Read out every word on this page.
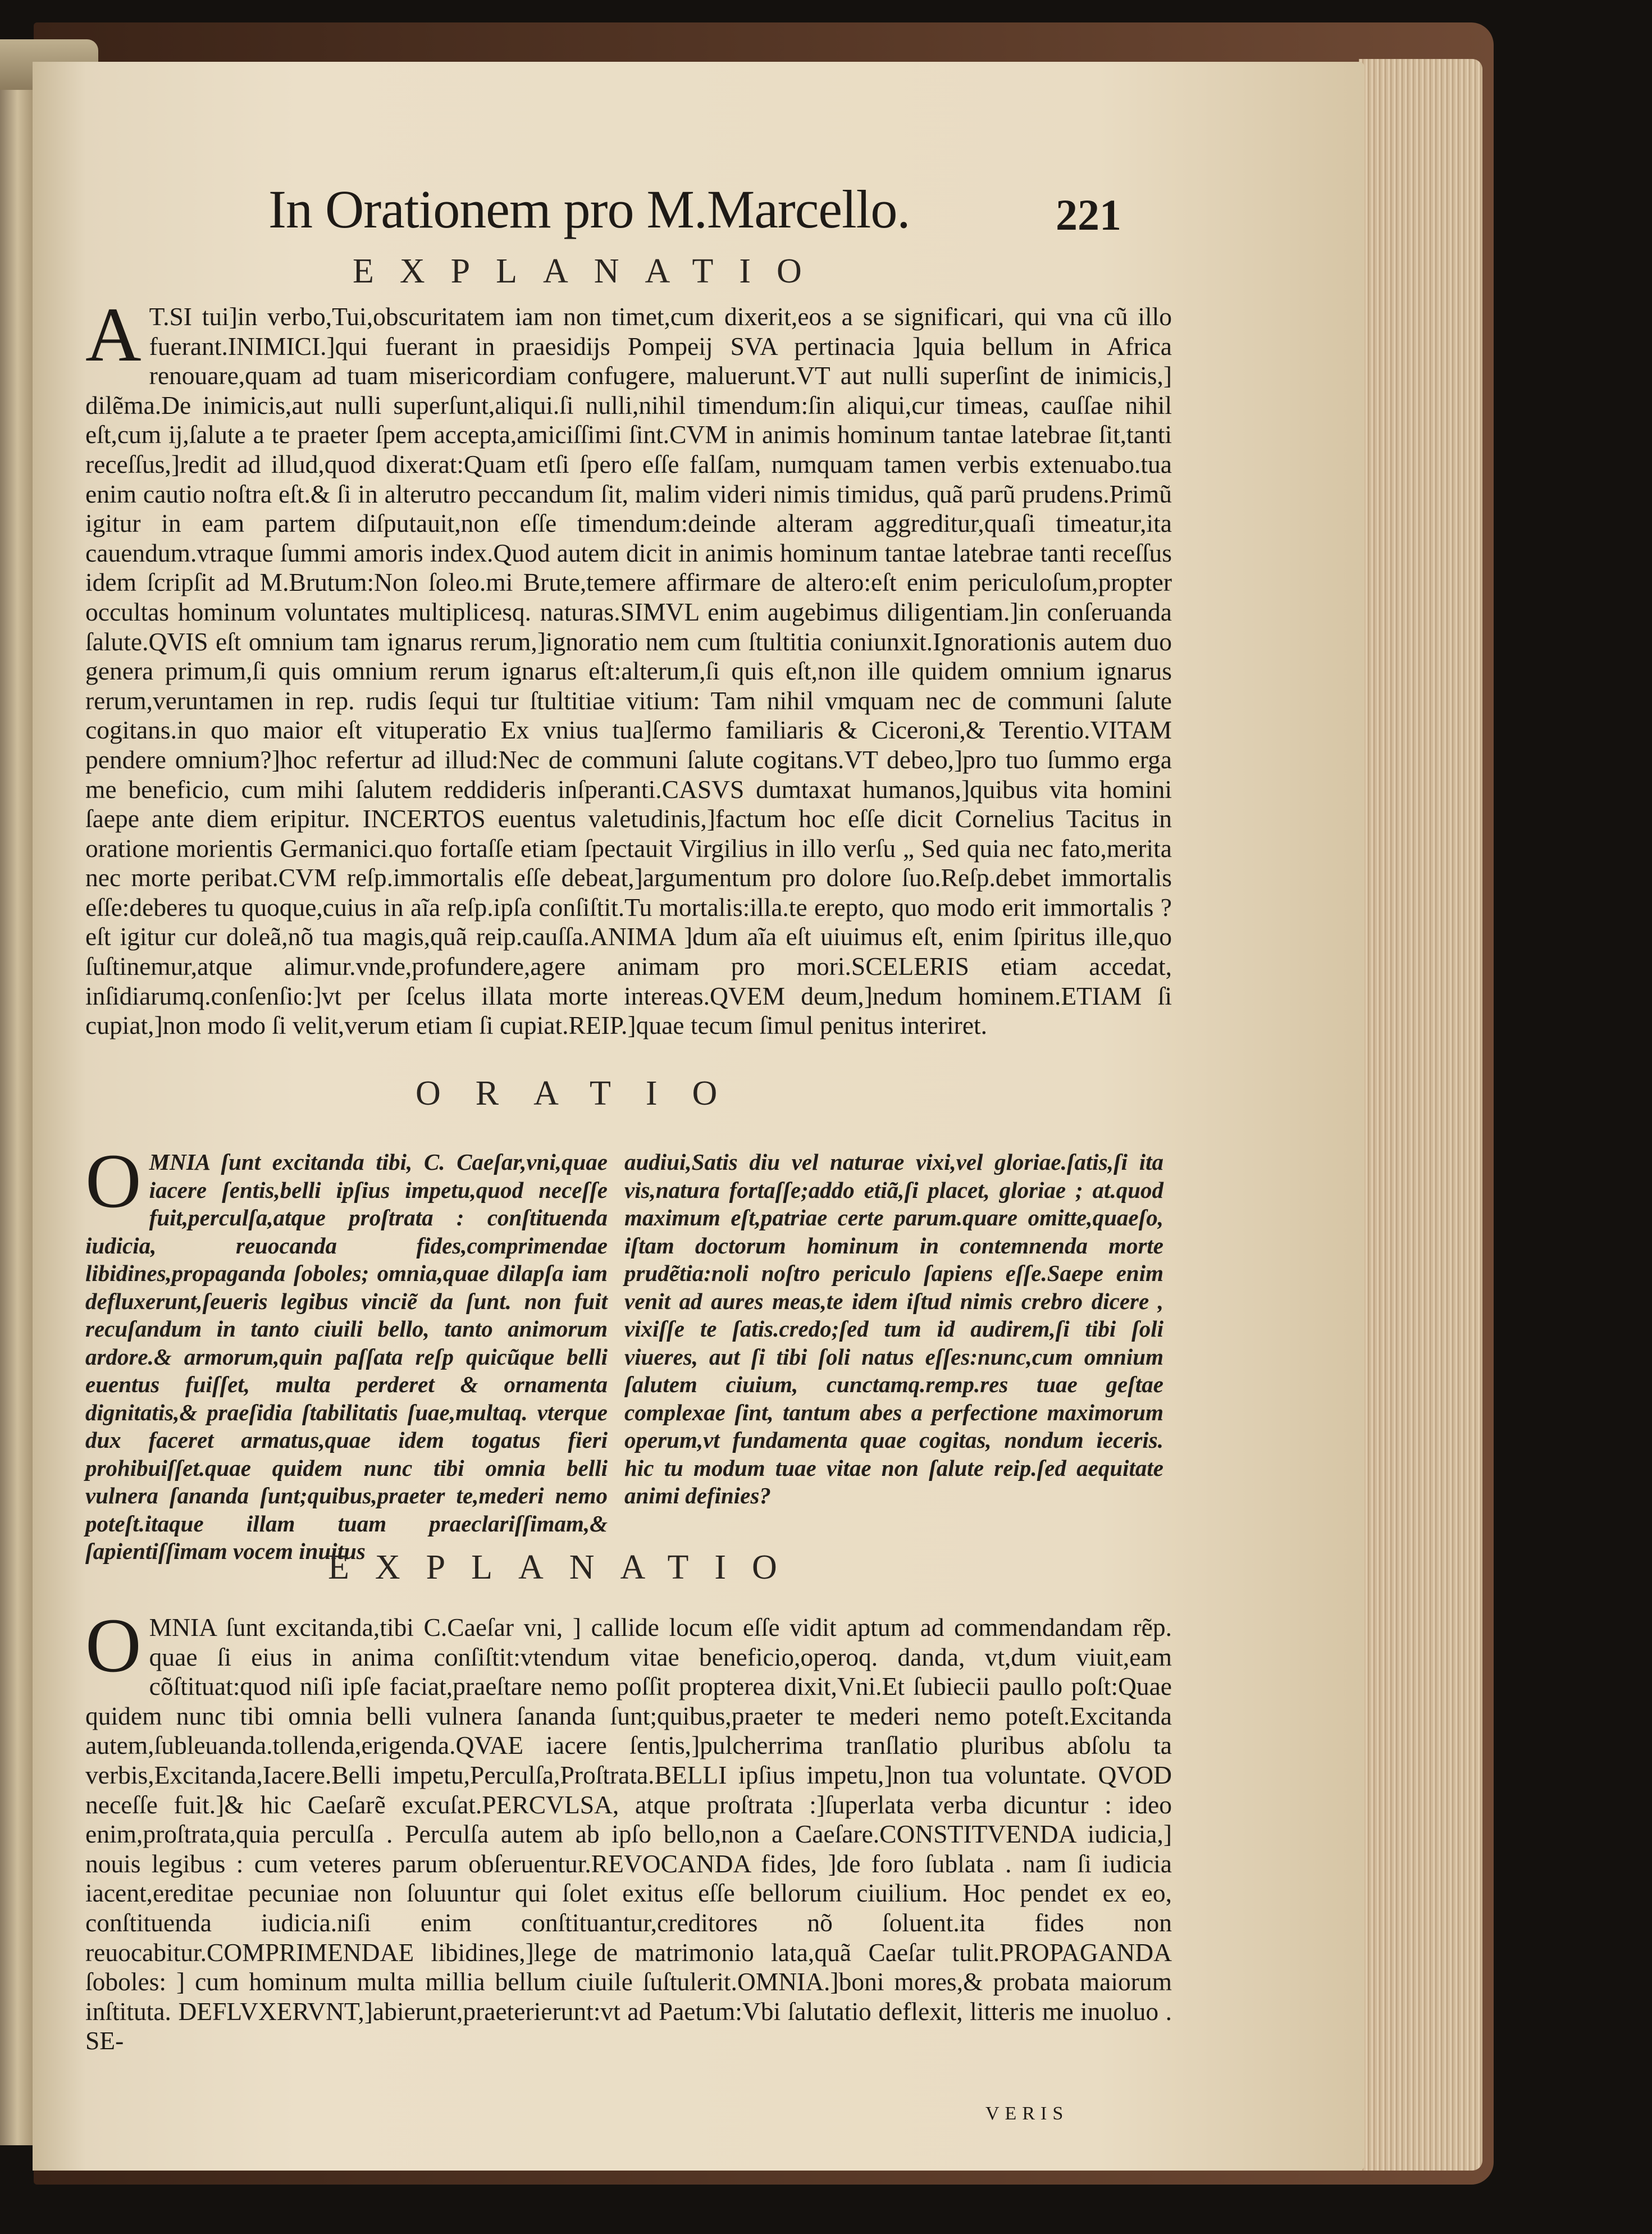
In Orationem pro M.Marcello.	221
EXPLANATIO
A T.SI tui]in verbo,Tui,obscuritatem iam non timet,cum dixerit,eos a se significari, qui vna cũ illo fuerant.INIMICI.]qui fuerant in praesidijs Pompeij SVA pertinacia ]quia bellum in Africa renouare,quam ad tuam misericordiam confugere, maluerunt.VT aut nulli superſint de inimicis,] dilẽma.De inimicis,aut nulli superſunt,aliqui.ſi nulli,nihil timendum:ſin aliqui,cur timeas, cauſſae nihil eſt,cum ij,ſalute a te praeter ſpem accepta,amiciſſimi ſint.CVM in animis hominum tantae latebrae ſit,tanti receſſus,]redit ad illud,quod dixerat:Quam etſi ſpero eſſe falſam, numquam tamen verbis extenuabo.tua enim cautio noſtra eſt.& ſi in alterutro peccandum ſit, malim videri nimis timidus, quã parũ prudens.Primũ igitur in eam partem diſputauit,non eſſe timendum:deinde alteram aggreditur,quaſi timeatur,ita cauendum.vtraque ſummi amoris index.Quod autem dicit in animis hominum tantae latebrae tanti receſſus idem ſcripſit ad M.Brutum:Non ſoleo.mi Brute,temere affirmare de altero:eſt enim periculoſum,propter occultas hominum voluntates multiplicesq. naturas.SIMVL enim augebimus diligentiam.]in conſeruanda ſalute.QVIS eſt omnium tam ignarus rerum,]ignoratio nem cum ſtultitia coniunxit.Ignorationis autem duo genera primum,ſi quis omnium rerum ignarus eſt:alterum,ſi quis eſt,non ille quidem omnium ignarus rerum,veruntamen in rep. rudis ſequi tur ſtultitiae vitium: Tam nihil vmquam nec de communi ſalute cogitans.in quo maior eſt vituperatio Ex vnius tua]ſermo familiaris & Ciceroni,& Terentio.VITAM pendere omnium?]hoc refertur ad illud:Nec de communi ſalute cogitans.VT debeo,]pro tuo ſummo erga me beneficio, cum mihi ſalutem reddideris inſperanti.CASVS dumtaxat humanos,]quibus vita homini ſaepe ante diem eripitur. INCERTOS euentus valetudinis,]factum hoc eſſe dicit Cornelius Tacitus in oratione morientis Germanici.quo fortaſſe etiam ſpectauit Virgilius in illo verſu „ Sed quia nec fato,merita nec morte peribat.CVM reſp.immortalis eſſe debeat,]argumentum pro dolore ſuo.Reſp.debet immortalis eſſe:deberes tu quoque,cuius in aĩa reſp.ipſa conſiſtit.Tu mortalis:illa.te erepto, quo modo erit immortalis ? eſt igitur cur doleã,nõ tua magis,quã reip.cauſſa.ANIMA ]dum aĩa eſt uiuimus eſt, enim ſpiritus ille,quo ſuſtinemur,atque alimur.vnde,profundere,agere animam pro mori.SCELERIS etiam accedat, inſidiarumq.conſenſio:]vt per ſcelus illata morte intereas.QVEM deum,]nedum hominem.ETIAM ſi cupiat,]non modo ſi velit,verum etiam ſi cupiat.REIP.]quae tecum ſimul penitus interiret.
ORATIO
O MNIA ſunt excitanda tibi, C. Caeſar,vni,quae iacere ſentis,belli ipſius impetu,quod neceſſe fuit,perculſa,atque proſtrata : conſtituenda iudicia, reuocanda fides,comprimendae libidines,propaganda ſoboles; omnia,quae dilapſa iam defluxerunt,ſeueris legibus vinciẽ da ſunt. non fuit recuſandum in tanto ciuili bello, tanto animorum ardore.& armorum,quin paſſata reſp quicũque belli euentus fuiſſet, multa perderet & ornamenta dignitatis,& praeſidia ſtabilitatis ſuae,multaq. vterque dux faceret armatus,quae idem togatus fieri prohibuiſſet.quae quidem nunc tibi omnia belli vulnera ſananda ſunt;quibus,praeter te,mederi nemo poteſt.itaque illam tuam praeclariſſimam,& ſapientiſſimam vocem inuitus
audiui,Satis diu vel naturae vixi,vel gloriae.ſatis,ſi ita vis,natura fortaſſe;addo etiã,ſi placet, gloriae ; at.quod maximum eſt,patriae certe parum.quare omitte,quaeſo, iſtam doctorum hominum in contemnenda morte prudẽtia:noli noſtro periculo ſapiens eſſe.Saepe enim venit ad aures meas,te idem iſtud nimis crebro dicere , vixiſſe te ſatis.credo;ſed tum id audirem,ſi tibi ſoli viueres, aut ſi tibi ſoli natus eſſes:nunc,cum omnium ſalutem ciuium, cunctamq.remp.res tuae geſtae complexae ſint, tantum abes a perfectione maximorum operum,vt fundamenta quae cogitas, nondum ieceris. hic tu modum tuae vitae non ſalute reip.ſed aequitate animi definies?
EXPLANATIO
O MNIA ſunt excitanda,tibi C.Caeſar vni, ] callide locum eſſe vidit aptum ad commendandam rẽp. quae ſi eius in anima conſiſtit:vtendum vitae beneficio,operoq. danda, vt,dum viuit,eam cõſtituat:quod niſi ipſe faciat,praeſtare nemo poſſit propterea dixit,Vni.Et ſubiecii paullo poſt:Quae quidem nunc tibi omnia belli vulnera ſananda ſunt;quibus,praeter te mederi nemo poteſt.Excitanda autem,ſubleuanda.tollenda,erigenda.QVAE iacere ſentis,]pulcherrima tranſlatio pluribus abſolu ta verbis,Excitanda,Iacere.Belli impetu,Perculſa,Proſtrata.BELLI ipſius impetu,]non tua voluntate. QVOD neceſſe fuit.]& hic Caeſarẽ excuſat.PERCVLSA, atque proſtrata :]ſuperlata verba dicuntur : ideo enim,proſtrata,quia perculſa . Perculſa autem ab ipſo bello,non a Caeſare.CONSTITVENDA iudicia,] nouis legibus : cum veteres parum obſeruentur.REVOCANDA fides, ]de foro ſublata . nam ſi iudicia iacent,ereditae pecuniae non ſoluuntur qui ſolet exitus eſſe bellorum ciuilium. Hoc pendet ex eo, conſtituenda iudicia.niſi enim conſtituantur,creditores nõ ſoluent.ita fides non reuocabitur.COMPRIMENDAE libidines,]lege de matrimonio lata,quã Caeſar tulit.PROPAGANDA ſoboles: ] cum hominum multa millia bellum ciuile ſuſtulerit.OMNIA.]boni mores,& probata maiorum inſtituta. DEFLVXERVNT,]abierunt,praeterierunt:vt ad Paetum:Vbi ſalutatio deflexit, litteris me inuoluo . SE-
VERIS
